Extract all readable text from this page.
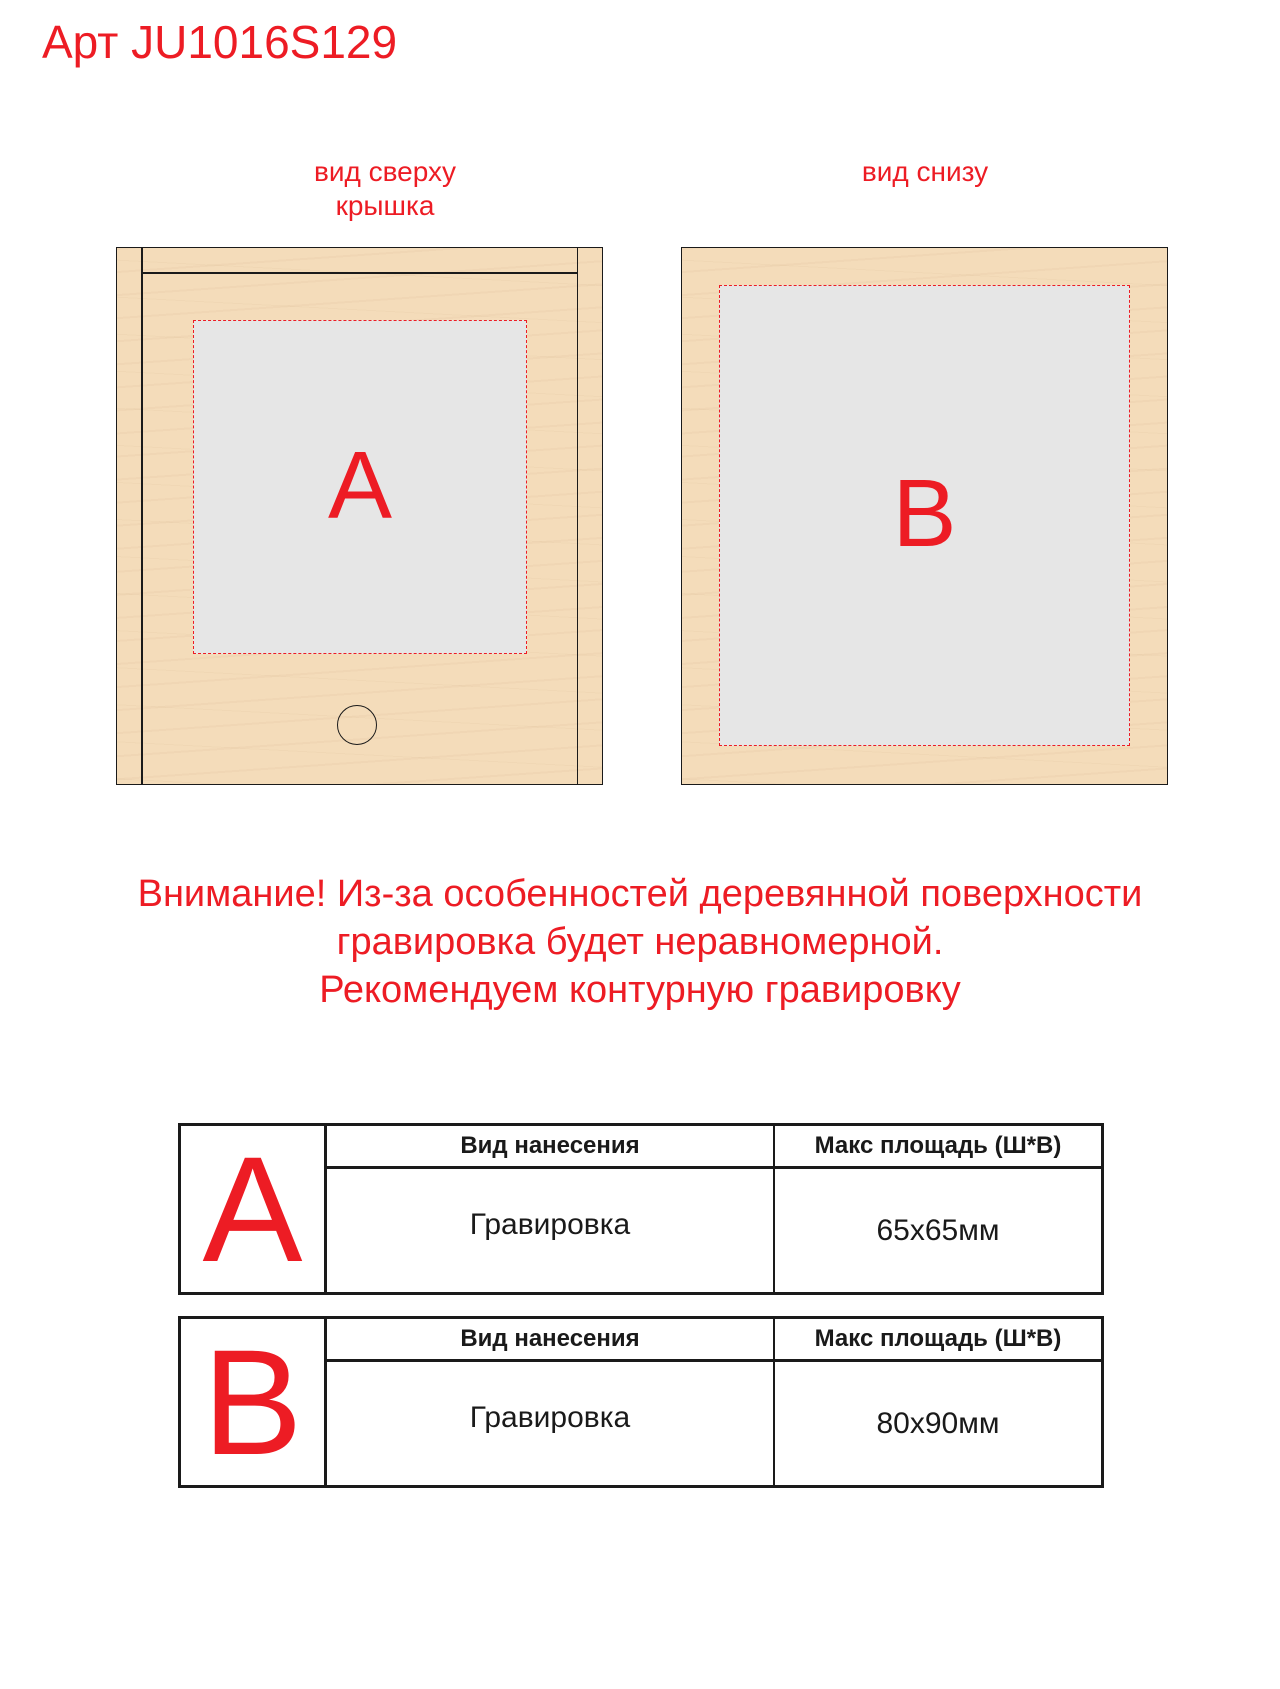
Арт JU1016S129
вид сверху
крышка
вид снизу
A	B
Внимание! Из-за особенностей деревянной поверхности
гравировка будет неравномерной.
Рекомендуем контурную гравировку
A	Вид нанесения	Макс площадь (Ш*В)
Гравировка	65x65мм
B	Вид нанесения	Макс площадь (Ш*В)
Гравировка	80x90мм
